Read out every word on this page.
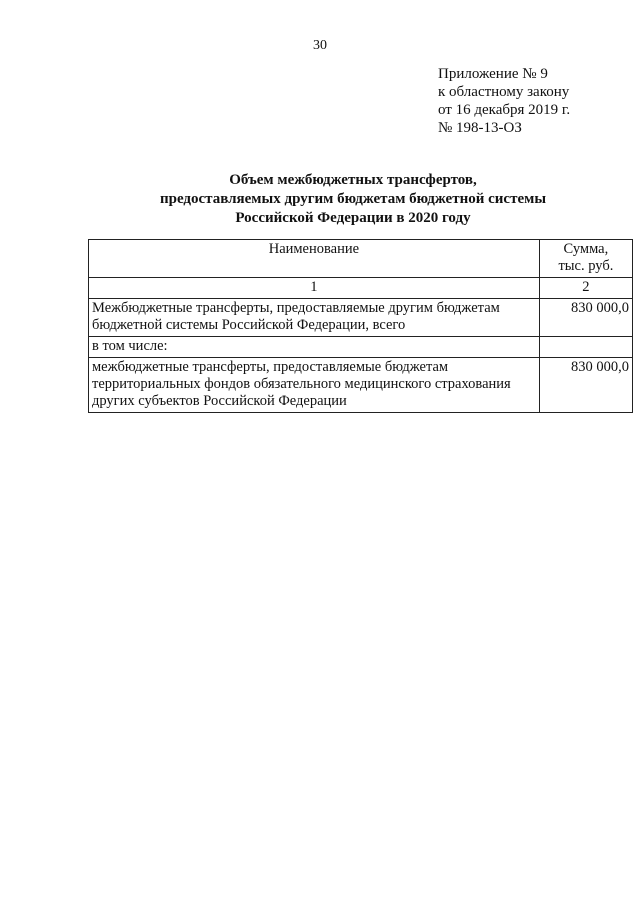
30
Приложение № 9
к областному закону
от 16 декабря 2019 г.
№ 198-13-ОЗ
Объем межбюджетных трансфертов,
предоставляемых другим бюджетам бюджетной системы
Российской Федерации в 2020 году
Наименование	Сумма,
тыс. руб.

1	2
Межбюджетные трансферты, предоставляемые другим бюджетам бюджетной системы Российской Федерации, всего	830 000,0
в том числе:	
межбюджетные трансферты, предоставляемые бюджетам территориальных фондов обязательного медицинского страхования других субъектов Российской Федерации	830 000,0
